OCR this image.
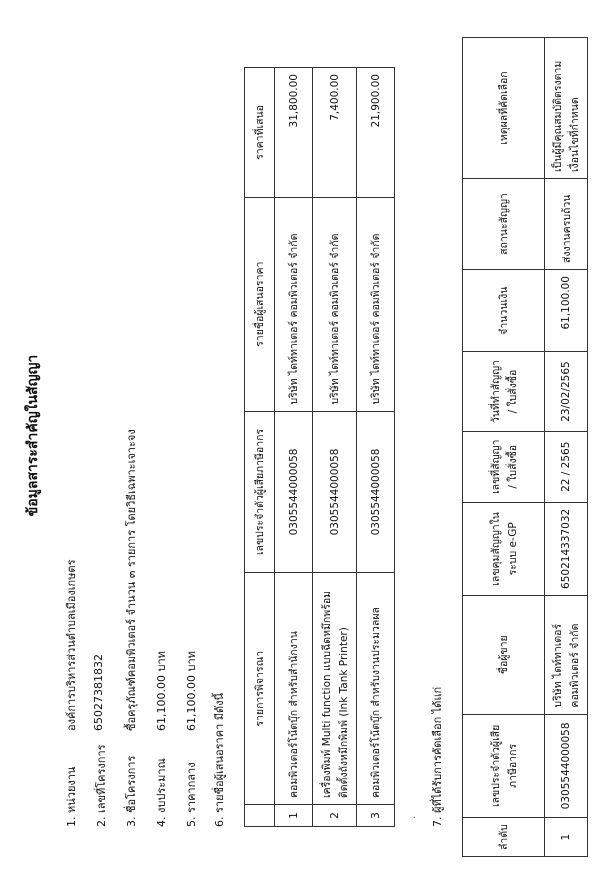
ข้อมูลสาระสำคัญในสัญญา
1. หน่วยงาน
องค์การบริหารส่วนตำบลเมืองเกษตร
2. เลขที่โครงการ
65027381832
3. ชื่อโครงการ
ซื้อครุภัณฑ์คอมพิวเตอร์ จำนวน ๓ รายการ โดยวิธีเฉพาะเจาะจง
4. งบประมาณ
61,100.00 บาท
5. ราคากลาง
61,100.00 บาท
6. รายชื่อผู้เสนอราคา มีดังนี้
	รายการพิจารณา	เลขประจำตัวผู้เสียภาษีอากร	รายชื่อผู้เสนอราคา	ราคาที่เสนอ
1	คอมพิวเตอร์โน้ตบุ๊ก สำหรับสำนักงาน	0305544000058	บริษัท ไดท์ทาเตอร์ คอมพิวเตอร์ จำกัด	31,800.00
2	เครื่องพิมพ์ Multi function แบบฉีดหมึกพร้อมติดตั้งถังหมึกพิมพ์ (Ink Tank Printer)	0305544000058	บริษัท ไดท์ทาเตอร์ คอมพิวเตอร์ จำกัด	7,400.00
3	คอมพิวเตอร์โน้ตบุ๊ก สำหรับงานประมวลผล	0305544000058	บริษัท ไดท์ทาเตอร์ คอมพิวเตอร์ จำกัด	21,900.00
· 7. ผู้ที่ได้รับการคัดเลือก ได้แก่
ลำดับ	เลขประจำตัวผู้เสียภาษีอากร	ชื่อผู้ขาย	เลขคุมสัญญาในระบบ e-GP	เลขที่สัญญา / ใบสั่งซื้อ	วันที่ทำสัญญา / ใบสั่งซื้อ	จำนวนเงิน	สถานะสัญญา	เหตุผลที่คัดเลือก
1	0305544000058	บริษัท ไดท์ทาเตอร์ คอมพิวเตอร์ จำกัด	650214337032	22 / 2565	23/02/2565	61,100.00	ส่งงานครบถ้วน	เป็นผู้มีคุณสมบัติตรงตามเงื่อนไขที่กำหนด
